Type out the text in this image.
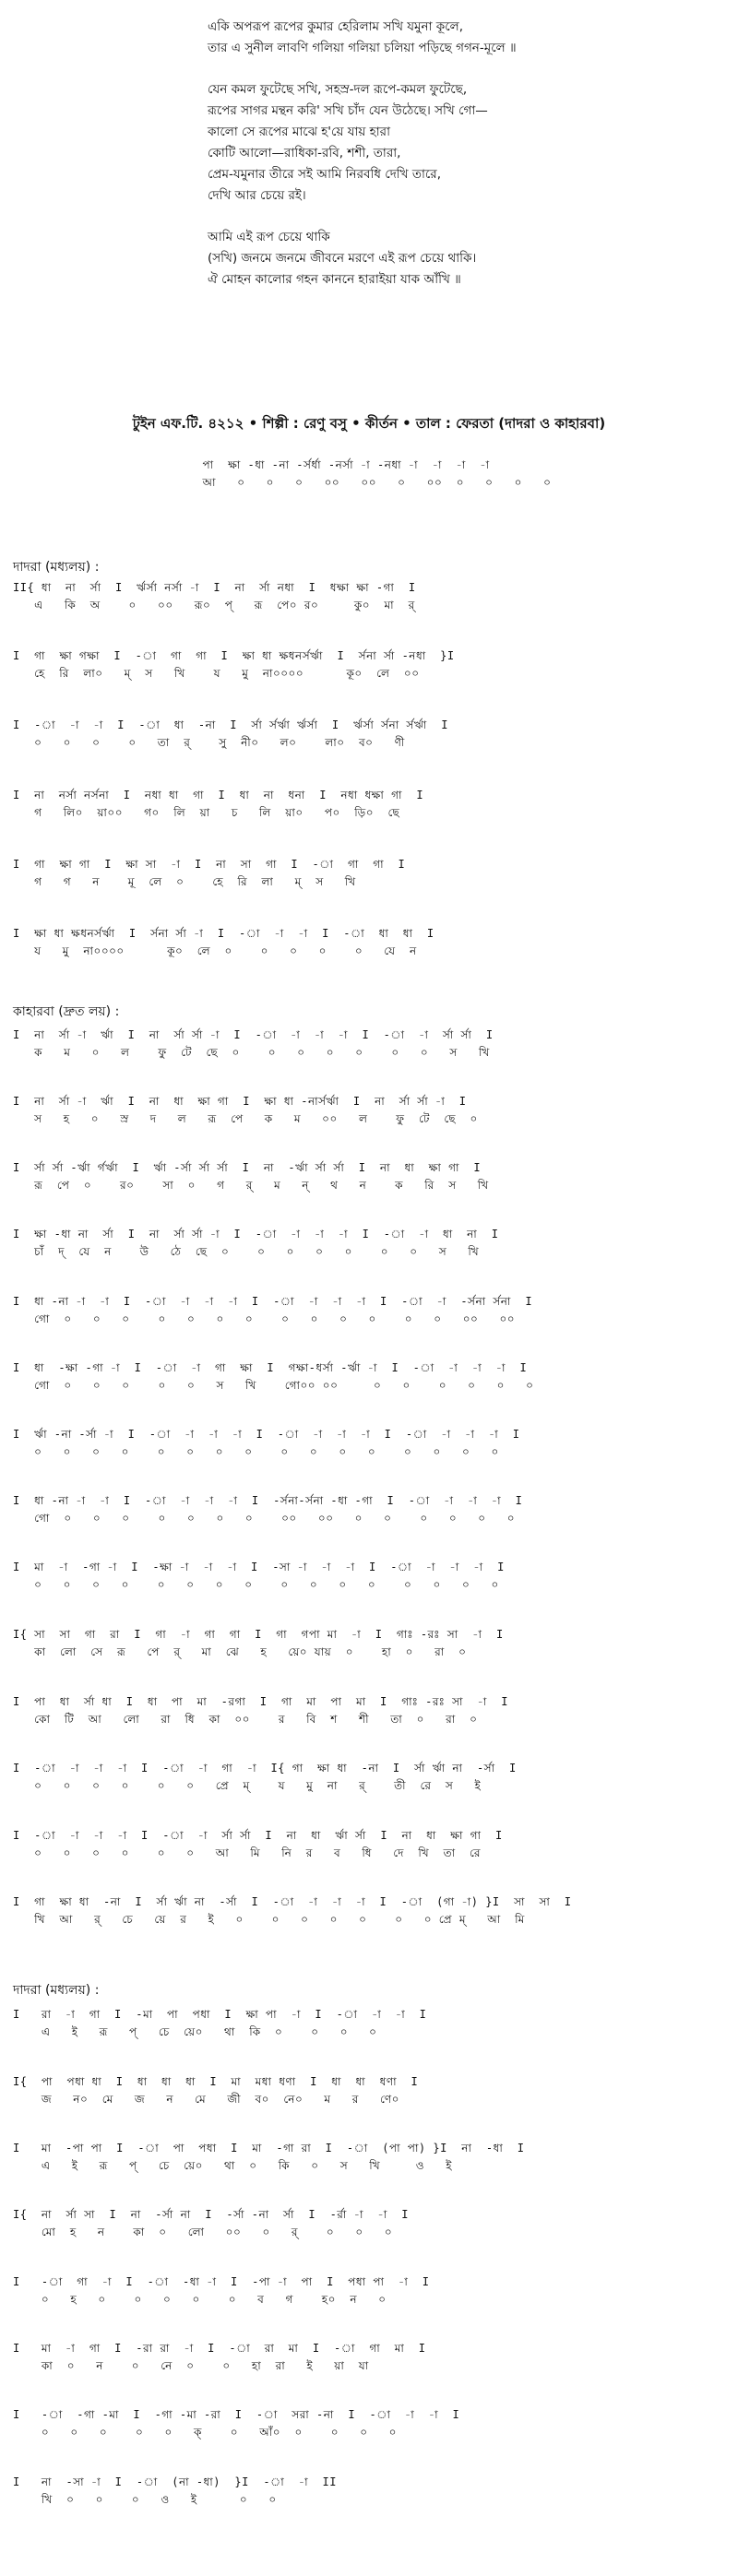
একি অপরূপ রূপের কুমার হেরিলাম সখি যমুনা কূলে,
তার এ সুনীল লাবণি গলিয়া গলিয়া চলিয়া পড়িছে গগন-মূলে ॥
যেন কমল ফুটেছে সখি, সহস্র-দল রূপে-কমল ফুটেছে,
রূপের সাগর মন্থন করি' সখি চাঁদ যেন উঠেছে। সখি গো—
কালো সে রূপের মাঝে হ'য়ে যায় হারা
কোটি আলো—রাধিকা-রবি, শশী, তারা,
প্রেম-যমুনার তীরে সই আমি নিরবধি দেখি তারে,
দেখি আর চেয়ে রই।
আমি এই রূপ চেয়ে থাকি
(সখি) জনমে জনমে জীবনে মরণে এই রূপ চেয়ে থাকি।
ঐ মোহন কালোর গহন কাননে হারাইয়া যাক আঁখি ॥
টুইন এফ.টি. ৪২১২ • শিল্পী : রেণু বসু • কীর্তন • তাল : ফেরতা (দাদরা ও কাহারবা)
পা  ক্ষা -ধা -না -র্সর্ধা -নর্সা -া -নধা -া  -া  -া  -া
আ   ০   ০   ০   ০০   ০০   ০   ০০  ০   ০   ০   ০
দাদরা (মধ্যলয়) :
II{ ধা  না  র্সা  I  র্ঋর্সা নর্সা -া  I  না  র্সা নধা  I  ধক্ষা ক্ষা -গা  I
এ   কি  অ    ০   ০০   রূ০  প্   রূ  পে০ র০     কু০  মা  র্
I  গা  ক্ষা গক্ষা  I  -া  গা  গা  I  ক্ষা ধা ক্ষধনর্সর্ঋা  I  র্সনা র্সা -নধা  }I
হে  রি  লা০   ম্  স   খি    য   মু  না০০০০      কূ০  লে  ০০
I  -া  -া  -া  I  -া  ধা  -না  I  র্সা র্সর্ঋা র্ঋর্সা  I  র্ঋর্সা র্সনা র্সর্ঋা  I
০   ০   ০    ০   তা  র্    সু  নী০   ল০    লা০  ব০   ণী
I  না  নর্সা নর্সনা  I  নধা ধা  গা  I  ধা  না  ধনা  I  নধা ধক্ষা গা  I
গ   লি০  য়া০০   গ০  লি  য়া   চ   লি  য়া০   প০  ড়ি০  ছে
I  গা  ক্ষা গা  I  ক্ষা সা  -া  I  না  সা  গা  I  -া  গা  গা  I
গ   গ   ন    মূ  লে  ০    হে  রি  লা   ম্  স   খি
I  ক্ষা ধা ক্ষধনর্সর্ঋা  I  র্সনা র্সা -া  I  -া  -া  -া  I  -া  ধা  ধা  I
য   মু  না০০০০      কূ০  লে  ০    ০   ০   ০    ০   যে  ন
কাহারবা (দ্রুত লয়) :
I  না  র্সা -া  র্ঋা  I  না  র্সা র্সা -া  I  -া  -া  -া  -া  I  -া  -া  র্সা র্সা  I
ক   ম   ০   ল    ফু  টে  ছে  ০    ০   ০   ০   ০    ০   ০   স   খি
I  না  র্সা -া  র্ঋা  I  না  ধা  ক্ষা গা  I  ক্ষা ধা -নার্সর্ঋা  I  না  র্সা র্সা -া  I
স   হ   ০   স্র   দ   ল   রূ  পে   ক   ম   ০০   ল    ফু  টে  ছে  ০
I  র্সা র্সা -র্ঋা র্গর্ঋা  I  র্ঋা -র্সা র্সা র্সা  I  না  -র্ঋা র্সা র্সা  I  না  ধা  ক্ষা গা  I
রূ  পে  ০    র০    সা  ০   গ   র্   ম   ন্   থ   ন    ক   রি  স   খি
I  ক্ষা -ধা না  র্সা  I  না  র্সা র্সা -া  I  -া  -া  -া  -া  I  -া  -া  ধা  না  I
চাঁ  দ্  যে  ন    উ   ঠে  ছে  ০    ০   ০   ০   ০    ০   ০   স   খি
I  ধা -না -া  -া  I  -া  -া  -া  -া  I  -া  -া  -া  -া  I  -া  -া  -র্সনা র্সনা  I
গো  ০   ০   ০    ০   ০   ০   ০    ০   ০   ০   ০    ০   ০   ০০   ০০
I  ধা  -ক্ষা -গা -া  I  -া  -া  গা  ক্ষা  I  গক্ষা-ধর্সা -র্ঋা -া  I  -া  -া  -া  -া  I
গো  ০   ০   ০    ০   ০   স   খি    গো০০ ০০     ০   ০    ০   ০   ০   ০
I  র্ঋা -না -র্সা -া  I  -া  -া  -া  -া  I  -া  -া  -া  -া  I  -া  -া  -া  -া  I
০   ০   ০   ০    ০   ০   ০   ০    ০   ০   ০   ০    ০   ০   ০   ০
I  ধা -না -া  -া  I  -া  -া  -া  -া  I  -র্সনা-র্সনা -ধা -গা  I  -া  -া  -া  -া  I
গো  ০   ০   ০    ০   ০   ০   ০    ০০   ০০   ০   ০    ০   ০   ০   ০
I  মা  -া  -গা -া  I  -ক্ষা -া  -া  -া  I  -সা -া  -া  -া  I  -া  -া  -া  -া  I
০   ০   ০   ০    ০   ০   ০   ০    ০   ০   ০   ০    ০   ০   ০   ০
I{ সা  সা  গা  রা  I  গা  -া  গা  গা  I  গা  গপা মা  -া  I  গাঃ -রঃ সা  -া  I
কা  লো  সে  রূ   পে  র্   মা  ঝে   হ   য়ে০ যায়  ০    হা  ০   রা  ০
I  পা  ধা  র্সা ধা  I  ধা  পা  মা  -রগা  I  গা  মা  পা  মা  I  গাঃ -রঃ সা  -া  I
কো  টি  আ   লো   রা  ধি  কা  ০০    র   বি  শ   শী   তা  ০   রা  ০
I  -া  -া  -া  -া  I  -া  -া  গা  -া  I{ গা  ক্ষা ধা  -না  I  র্সা র্ঋা না  -র্সা  I
০   ০   ০   ০    ০   ০   প্রে  ম্    য   মু  না   র্    তী  রে  স   ই
I  -া  -া  -া  -া  I  -া  -া  র্সা র্সা  I  না  ধা  র্ঋা র্সা  I  না  ধা  ক্ষা গা  I
০   ০   ০   ০    ০   ০   আ   মি   নি  র   ব   ধি   দে  খি  তা  রে
I  গা  ক্ষা ধা  -না  I  র্সা র্ঋা না  -র্সা  I  -া  -া  -া  -া  I  -া  (গা -া) }I  সা  সা  I
খি  আ   র্   চে   য়ে  র   ই   ০    ০   ০   ০   ০    ০   ০ প্রে ম্   আ  মি
দাদরা (মধ্যলয়) :
I   রা  -া  গা  I  -মা  পা  পধা  I  ক্ষা পা  -া  I  -া  -া  -া  I
এ   ই   রূ   প্   চে  য়ে০   থা  কি  ০    ০   ০   ০
I{  পা  পধা ধা  I  ধা  ধা  ধা  I  মা  মধা ধণা  I  ধা  ধা  ধণা  I
জ   ন০  মে   জ   ন   মে   জী  ব০  নে০   ম   র   ণে০
I   মা  -পা পা  I  -া  পা  পধা  I  মা  -গা রা  I  -া  (পা পা) }I  না  -ধা  I
এ   ই   রূ   প্   চে  য়ে০   থা  ০   কি   ০   স   খি     ও   ই
I{  না  র্সা সা  I  না  -র্সা না  I  -র্সা -না  র্সা  I  -র্রা -া  -া  I
মো  হ   ন    কা  ০   লো   ০০   ০   র্    ০   ০   ০
I   -া  গা  -া  I  -া  -ধা -া  I  -পা -া  পা  I  পধা পা  -া  I
০   হ   ০    ০   ০   ০    ০   ব   গ    হ০  ন   ০
I   মা  -া  গা  I  -রা রা  -া  I  -া  রা  মা  I  -া  গা  মা  I
কা  ০   ন    ০   নে  ০    ০   হা  রা   ই   য়া  যা
I   -া  -গা -মা  I  -গা -মা -রা  I  -া  সরা -না  I  -া  -া  -া  I
০   ০   ০    ০   ০   ক্    ০   আঁ০  ০    ০   ০   ০
I   না  -সা -া  I  -া  (না -ধা)  }I  -া  -া  II
খি  ০   ০    ০   ও   ই      ০   ০
